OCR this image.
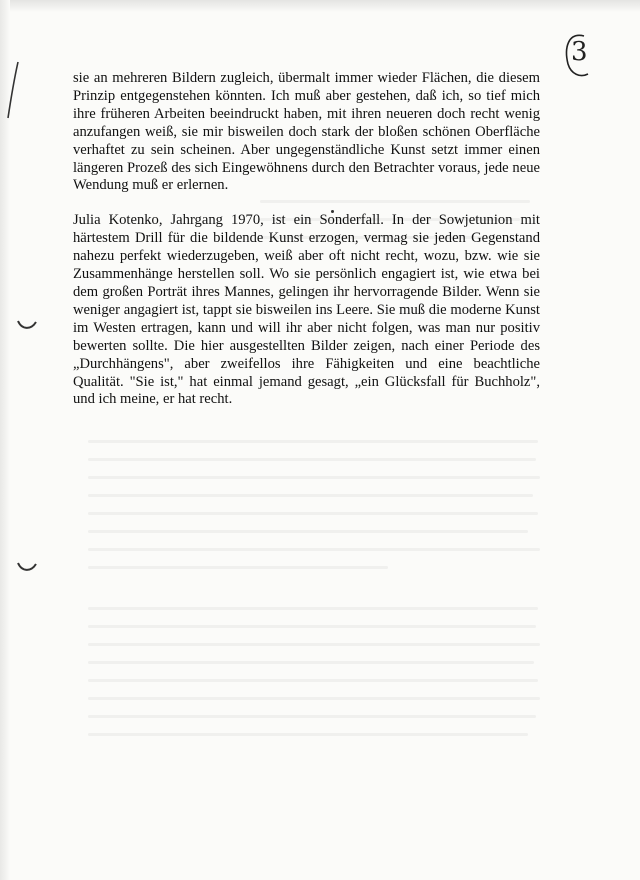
3

sie an mehreren Bildern zugleich, übermalt immer wieder Flächen, die diesem Prinzip entgegenstehen könnten. Ich muß aber gestehen, daß ich, so tief mich ihre früheren Arbeiten beeindruckt haben, mit ihren neueren doch recht wenig anzufangen weiß, sie mir bisweilen doch stark der bloßen schönen Oberfläche verhaftet zu sein scheinen. Aber ungegenständliche Kunst setzt immer einen längeren Prozeß des sich Eingewöhnens durch den Betrachter voraus, jede neue Wendung muß er erlernen.

Julia Kotenko, Jahrgang 1970, ist ein Sonderfall. In der Sowjetunion mit härtestem Drill für die bildende Kunst erzogen, vermag sie jeden Gegenstand nahezu perfekt wiederzugeben, weiß aber oft nicht recht, wozu, bzw. wie sie Zusammenhänge herstellen soll. Wo sie persönlich engagiert ist, wie etwa bei dem großen Porträt ihres Mannes, gelingen ihr hervorragende Bilder. Wenn sie weniger angagiert ist, tappt sie bisweilen ins Leere. Sie muß die moderne Kunst im Westen ertragen, kann und will ihr aber nicht folgen, was man nur positiv bewerten sollte. Die hier ausgestellten Bilder zeigen, nach einer Periode des „Durchhängens", aber zweifellos ihre Fähigkeiten und eine beachtliche Qualität. "Sie ist," hat einmal jemand gesagt, „ein Glücksfall für Buchholz", und ich meine, er hat recht.
